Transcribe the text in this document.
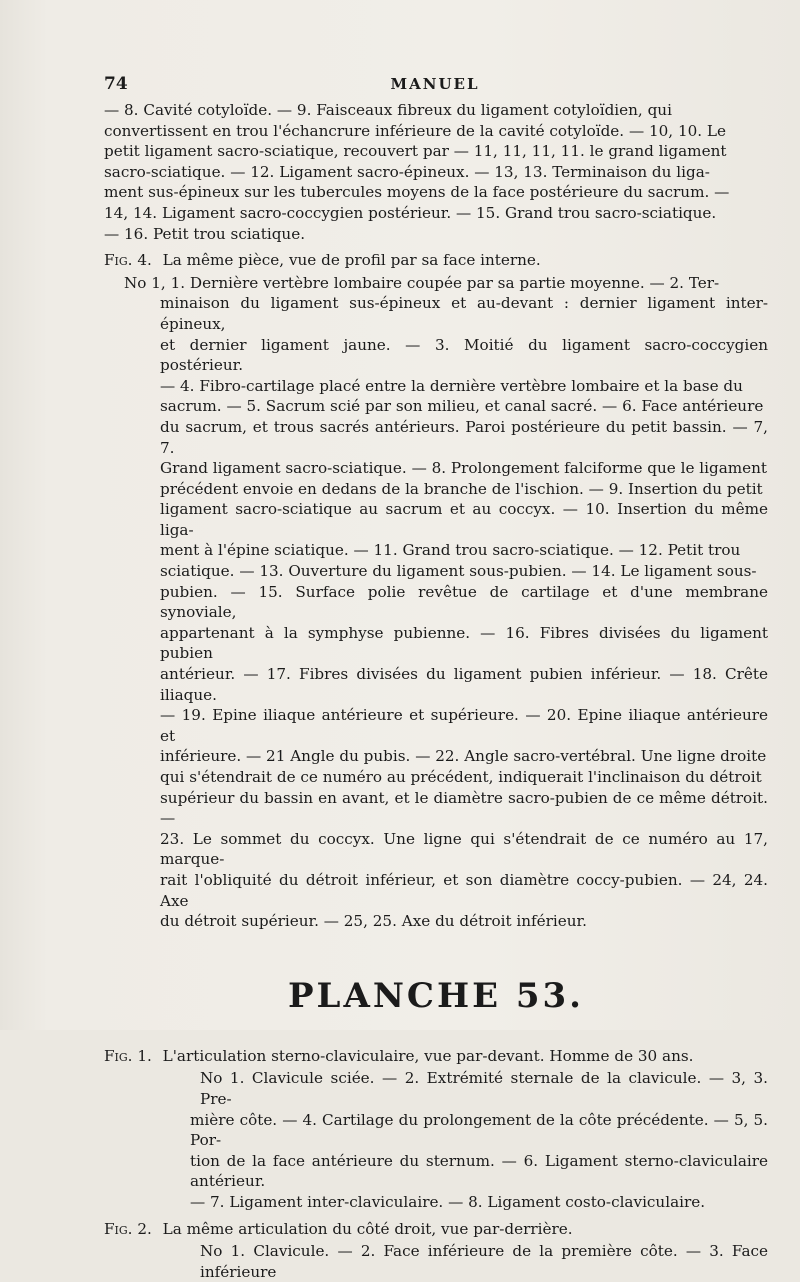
74	MANUEL
— 8. Cavité cotyloïde. — 9. Faisceaux fibreux du ligament cotyloïdien, qui
convertissent en trou l'échancrure inférieure de la cavité cotyloïde. — 10, 10. Le
petit ligament sacro-sciatique, recouvert par — 11, 11, 11, 11. le grand ligament
sacro-sciatique. — 12. Ligament sacro-épineux. — 13, 13. Terminaison du liga-
ment sus-épineux sur les tubercules moyens de la face postérieure du sacrum. —
14, 14. Ligament sacro-coccygien postérieur. — 15. Grand trou sacro-sciatique.
— 16. Petit trou sciatique.
Fig. 4. La même pièce, vue de profil par sa face interne.
No 1, 1. Dernière vertèbre lombaire coupée par sa partie moyenne. — 2. Ter-
minaison du ligament sus-épineux et au-devant : dernier ligament inter-épineux,
et dernier ligament jaune. — 3. Moitié du ligament sacro-coccygien postérieur.
— 4. Fibro-cartilage placé entre la dernière vertèbre lombaire et la base du
sacrum. — 5. Sacrum scié par son milieu, et canal sacré. — 6. Face antérieure
du sacrum, et trous sacrés antérieurs. Paroi postérieure du petit bassin. — 7, 7.
Grand ligament sacro-sciatique. — 8. Prolongement falciforme que le ligament
précédent envoie en dedans de la branche de l'ischion. — 9. Insertion du petit
ligament sacro-sciatique au sacrum et au coccyx. — 10. Insertion du même liga-
ment à l'épine sciatique. — 11. Grand trou sacro-sciatique. — 12. Petit trou
sciatique. — 13. Ouverture du ligament sous-pubien. — 14. Le ligament sous-
pubien. — 15. Surface polie revêtue de cartilage et d'une membrane synoviale,
appartenant à la symphyse pubienne. — 16. Fibres divisées du ligament pubien
antérieur. — 17. Fibres divisées du ligament pubien inférieur. — 18. Crête iliaque.
— 19. Epine iliaque antérieure et supérieure. — 20. Epine iliaque antérieure et
inférieure. — 21 Angle du pubis. — 22. Angle sacro-vertébral. Une ligne droite
qui s'étendrait de ce numéro au précédent, indiquerait l'inclinaison du détroit
supérieur du bassin en avant, et le diamètre sacro-pubien de ce même détroit. —
23. Le sommet du coccyx. Une ligne qui s'étendrait de ce numéro au 17, marque-
rait l'obliquité du détroit inférieur, et son diamètre coccy-pubien. — 24, 24. Axe
du détroit supérieur. — 25, 25. Axe du détroit inférieur.
PLANCHE 53.
Fig. 1. L'articulation sterno-claviculaire, vue par-devant. Homme de 30 ans.
No 1. Clavicule sciée. — 2. Extrémité sternale de la clavicule. — 3, 3. Pre-
mière côte. — 4. Cartilage du prolongement de la côte précédente. — 5, 5. Por-
tion de la face antérieure du sternum. — 6. Ligament sterno-claviculaire antérieur.
— 7. Ligament inter-claviculaire. — 8. Ligament costo-claviculaire.
Fig. 2. La même articulation du côté droit, vue par-derrière.
No 1. Clavicule. — 2. Face inférieure de la première côte. — 3. Face inférieure
